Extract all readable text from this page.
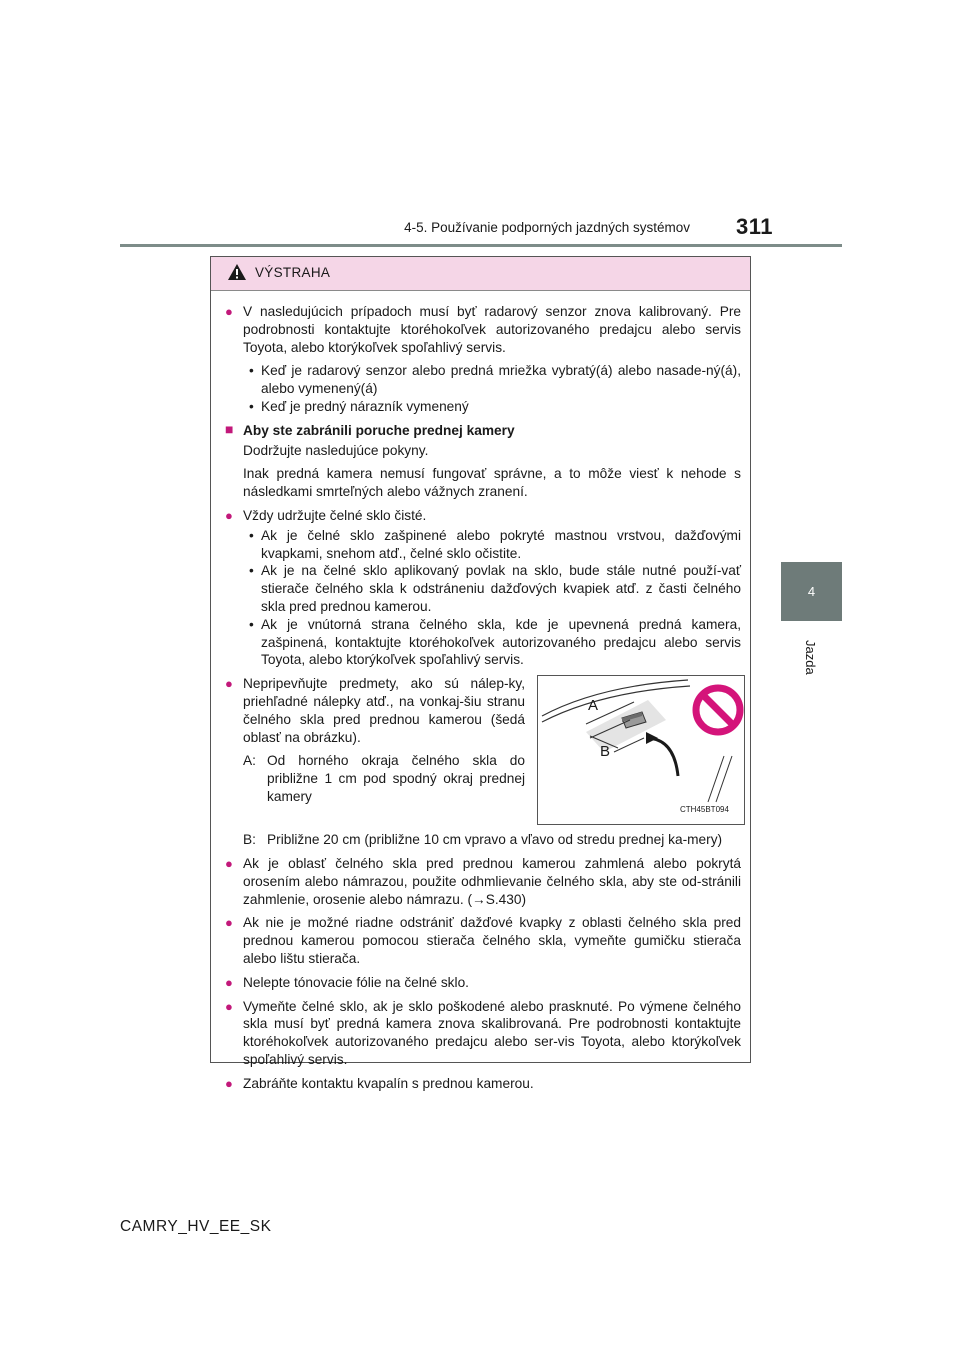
4-5. Používanie podporných jazdných systémov 311
4
Jazda
VÝSTRAHA

● V nasledujúcich prípadoch musí byť radarový senzor znova kalibrovaný. Pre podrobnosti kontaktujte ktoréhokoľvek autorizovaného predajcu alebo servis Toyota, alebo ktorýkoľvek spoľahlivý servis.

• Keď je radarový senzor alebo predná mriežka vybratý(á) alebo nasade-ný(á), alebo vymenený(á)

• Keď je predný nárazník vymenený

■ Aby ste zabránili poruche prednej kamery

Dodržujte nasledujúce pokyny.

Inak predná kamera nemusí fungovať správne, a to môže viesť k nehode s následkami smrteľných alebo vážnych zranení.

● Vždy udržujte čelné sklo čisté.

• Ak je čelné sklo zašpinené alebo pokryté mastnou vrstvou, dažďovými kvapkami, snehom atď., čelné sklo očistite.

• Ak je na čelné sklo aplikovaný povlak na sklo, bude stále nutné použí-vať stierače čelného skla k odstráneniu dažďových kvapiek atď. z časti čelného skla pred prednou kamerou.

• Ak je vnútorná strana čelného skla, kde je upevnená predná kamera, zašpinená, kontaktujte ktoréhokoľvek autorizovaného predajcu alebo servis Toyota, alebo ktorýkoľvek spoľahlivý servis.

● Nepripevňujte predmety, ako sú nálep-ky, priehľadné nálepky atď., na vonkaj-šiu stranu čelného skla pred prednou kamerou (šedá oblasť na obrázku).

A: Od horného okraja čelného skla do približne 1 cm pod spodný okraj prednej kamery

A
B
CTH45BT094

B: Približne 20 cm (približne 10 cm vpravo a vľavo od stredu prednej ka-mery)

● Ak je oblasť čelného skla pred prednou kamerou zahmlená alebo pokrytá orosením alebo námrazou, použite odhmlievanie čelného skla, aby ste od-stránili zahmlenie, orosenie alebo námrazu. (→S.430)

● Ak nie je možné riadne odstrániť dažďové kvapky z oblasti čelného skla pred prednou kamerou pomocou stierača čelného skla, vymeňte gumičku stierača alebo lištu stierača.

● Nelepte tónovacie fólie na čelné sklo.

● Vymeňte čelné sklo, ak je sklo poškodené alebo prasknuté. Po výmene čelného skla musí byť predná kamera znova skalibrovaná. Pre podrobnosti kontaktujte ktoréhokoľvek autorizovaného predajcu alebo ser-vis Toyota, alebo ktorýkoľvek spoľahlivý servis.

● Zabráňte kontaktu kvapalín s prednou kamerou.

CAMRY_HV_EE_SK
